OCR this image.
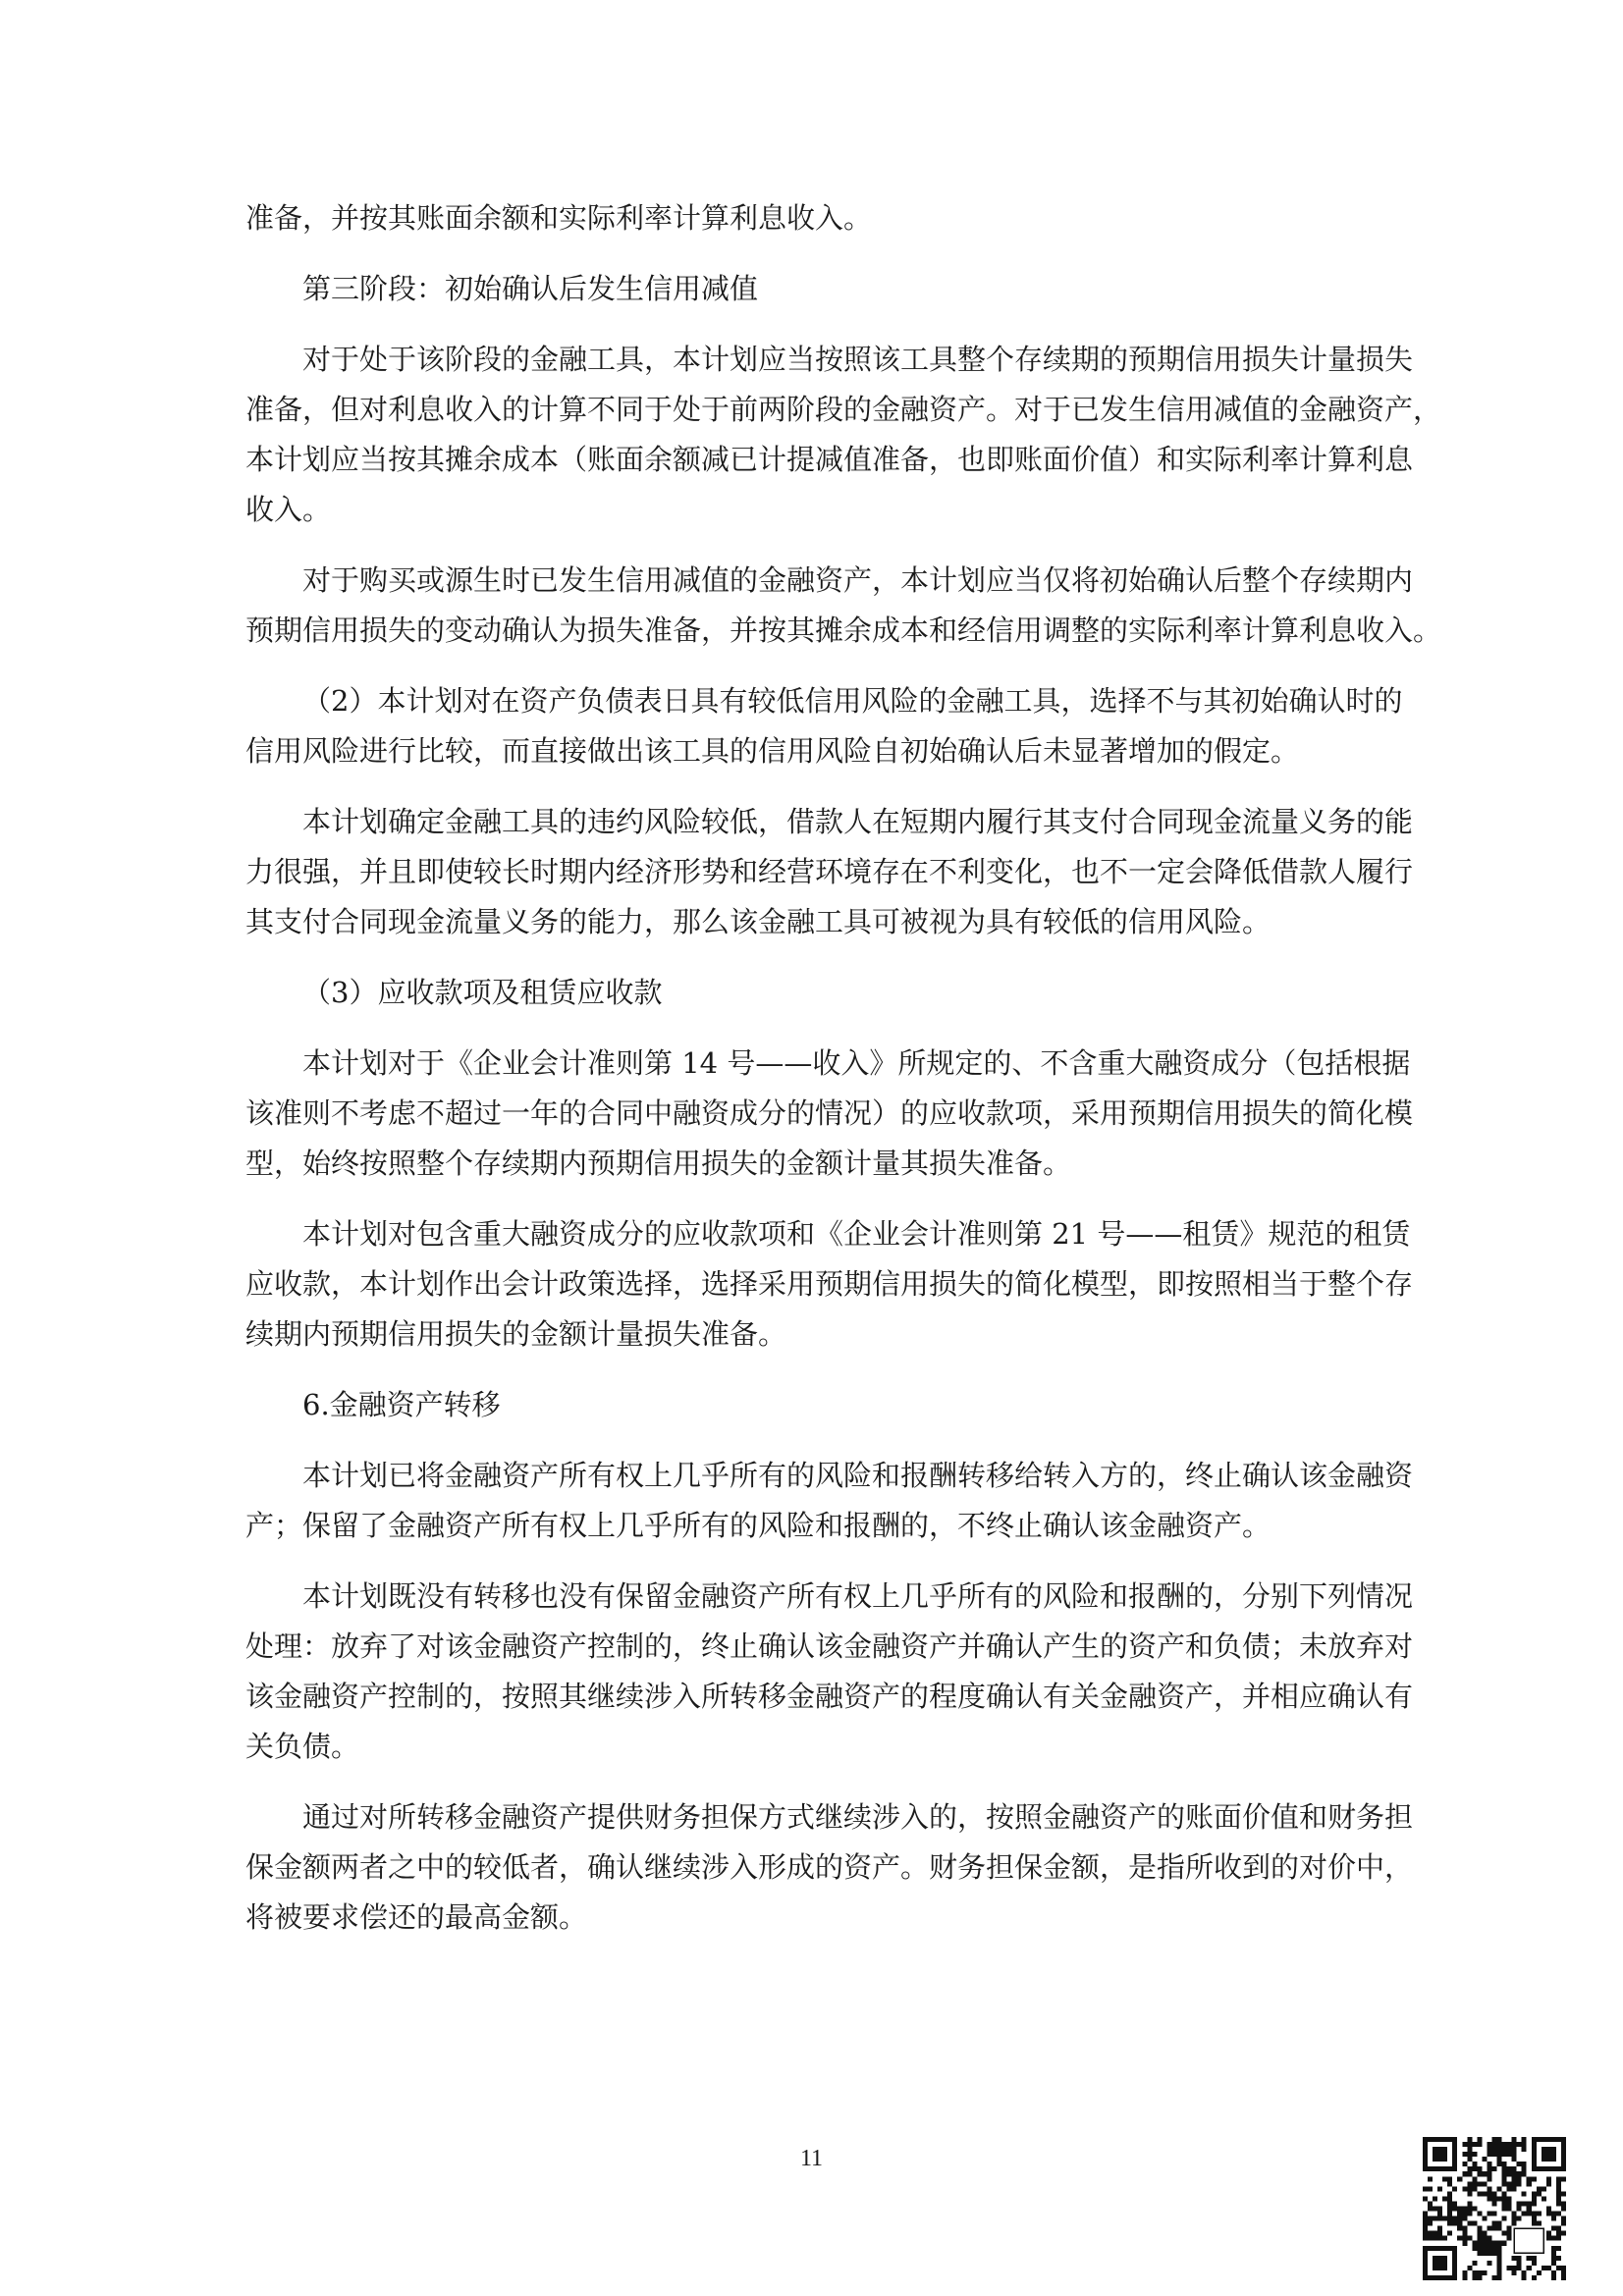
准备，并按其账面余额和实际利率计算利息收入。
第三阶段：初始确认后发生信用减值
对于处于该阶段的金融工具，本计划应当按照该工具整个存续期的预期信用损失计量损失
准备，但对利息收入的计算不同于处于前两阶段的金融资产。对于已发生信用减值的金融资产，
本计划应当按其摊余成本（账面余额减已计提减值准备，也即账面价值）和实际利率计算利息
收入。
对于购买或源生时已发生信用减值的金融资产，本计划应当仅将初始确认后整个存续期内
预期信用损失的变动确认为损失准备，并按其摊余成本和经信用调整的实际利率计算利息收入。
（2）本计划对在资产负债表日具有较低信用风险的金融工具，选择不与其初始确认时的
信用风险进行比较，而直接做出该工具的信用风险自初始确认后未显著增加的假定。
本计划确定金融工具的违约风险较低，借款人在短期内履行其支付合同现金流量义务的能
力很强，并且即使较长时期内经济形势和经营环境存在不利变化，也不一定会降低借款人履行
其支付合同现金流量义务的能力，那么该金融工具可被视为具有较低的信用风险。
（3）应收款项及租赁应收款
本计划对于《企业会计准则第 14 号——收入》所规定的、不含重大融资成分（包括根据
该准则不考虑不超过一年的合同中融资成分的情况）的应收款项，采用预期信用损失的简化模
型，始终按照整个存续期内预期信用损失的金额计量其损失准备。
本计划对包含重大融资成分的应收款项和《企业会计准则第 21 号——租赁》规范的租赁
应收款，本计划作出会计政策选择，选择采用预期信用损失的简化模型，即按照相当于整个存
续期内预期信用损失的金额计量损失准备。
6.金融资产转移
本计划已将金融资产所有权上几乎所有的风险和报酬转移给转入方的，终止确认该金融资
产；保留了金融资产所有权上几乎所有的风险和报酬的，不终止确认该金融资产。
本计划既没有转移也没有保留金融资产所有权上几乎所有的风险和报酬的，分别下列情况
处理：放弃了对该金融资产控制的，终止确认该金融资产并确认产生的资产和负债；未放弃对
该金融资产控制的，按照其继续涉入所转移金融资产的程度确认有关金融资产，并相应确认有
关负债。
通过对所转移金融资产提供财务担保方式继续涉入的，按照金融资产的账面价值和财务担
保金额两者之中的较低者，确认继续涉入形成的资产。财务担保金额，是指所收到的对价中，
将被要求偿还的最高金额。
11
